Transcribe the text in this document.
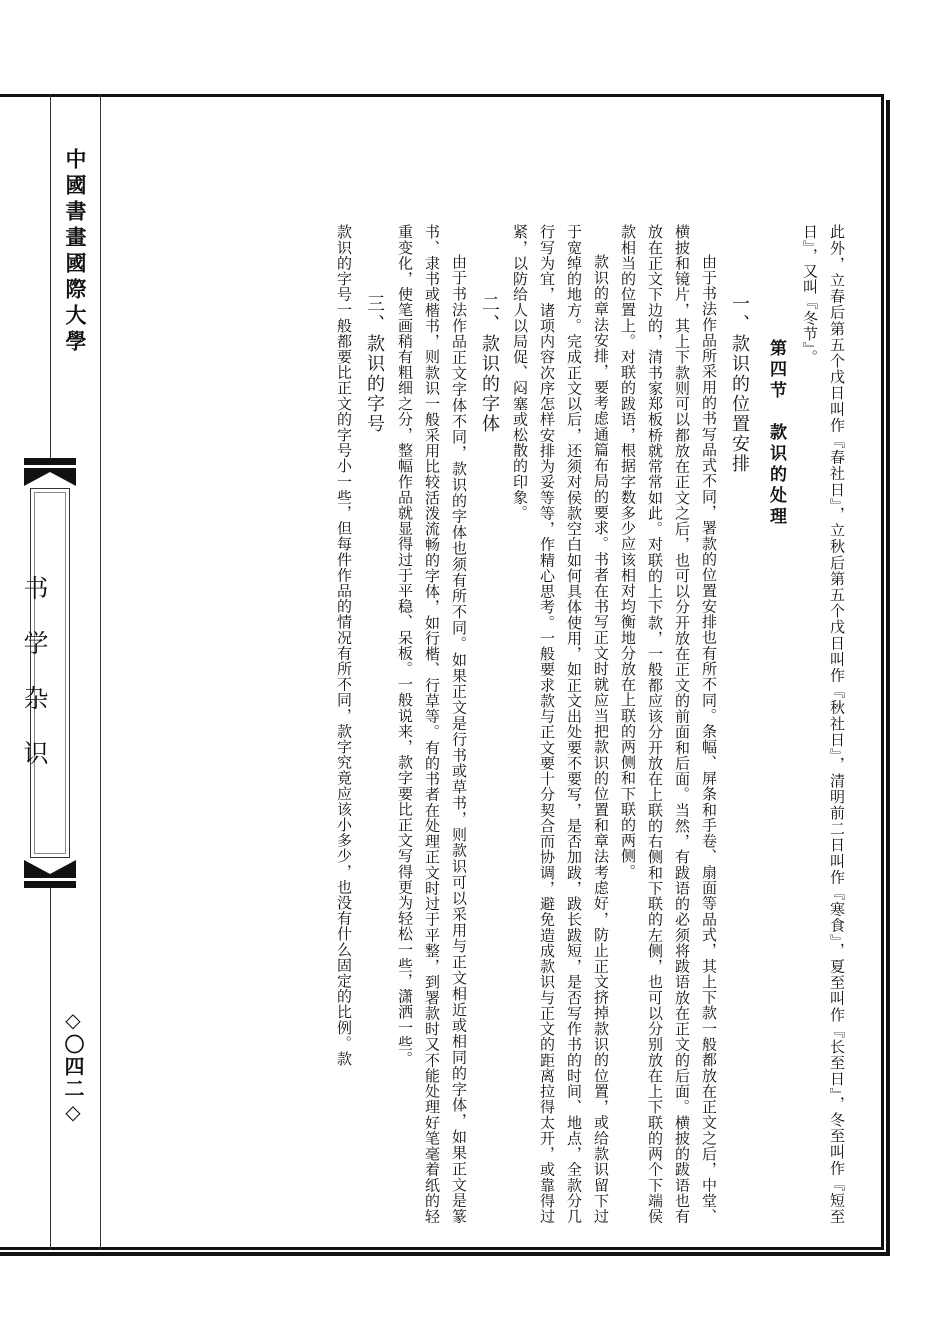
中國書畫國際大學
◇〇四二◇	此外，立春后第五个戊日叫作『春社日』，立秋后第五个戊日叫作『秋社日』，清明前二日叫作『寒食』，夏至叫作『长至日』，冬至叫作『短至日』，又叫『冬节』。

第四节　款识的处理
一、款识的位置安排

由于书法作品所采用的书写品式不同，署款的位置安排也有所不同。条幅、屏条和手卷、扇面等品式，其上下款一般都放在正文之后，中堂、横披和镜片，其上下款则可以都放在正文之后，也可以分开放在正文的前面和后面。当然，有跋语的必须将跋语放在正文的后面。横披的跋语也有放在正文下边的，清书家郑板桥就常常如此。对联的上下款，一般都应该分开放在上联的右侧和下联的左侧，也可以分别放在上下联的两个下端侯款相当的位置上。对联的跋语，根据字数多少应该相对均衡地分放在上联的两侧和下联的两侧。

款识的章法安排，要考虑通篇布局的要求。书者在书写正文时就应当把款识的位置和章法考虑好，防止正文挤掉款识的位置，或给款识留下过于宽绰的地方。完成正文以后，还须对侯款空白如何具体使用，如正文出处要不要写，是否加跋，跋长跋短，是否写作书的时间、地点，全款分几行写为宜，诸项内容次序怎样安排为妥等等，作精心思考。一般要求款与正文要十分契合而协调，避免造成款识与正文的距离拉得太开，或靠得过紧，以防给人以局促、闷塞或松散的印象。

二、款识的字体

由于书法作品正文字体不同，款识的字体也须有所不同。如果正文是行书或草书，则款识可以采用与正文相近或相同的字体，如果正文是篆书、隶书或楷书，则款识一般采用比较活泼流畅的字体，如行楷、行草等。有的书者在处理正文时过于平整，到署款时又不能处理好笔毫着纸的轻重变化，使笔画稍有粗细之分，整幅作品就显得过于平稳、呆板。一般说来，款字要比正文写得更为轻松一些，潇洒一些。

三、款识的字号

款识的字号一般都要比正文的字号小一些，但每件作品的情况有所不同，款字究竟应该小多少，也没有什么固定的比例。款
